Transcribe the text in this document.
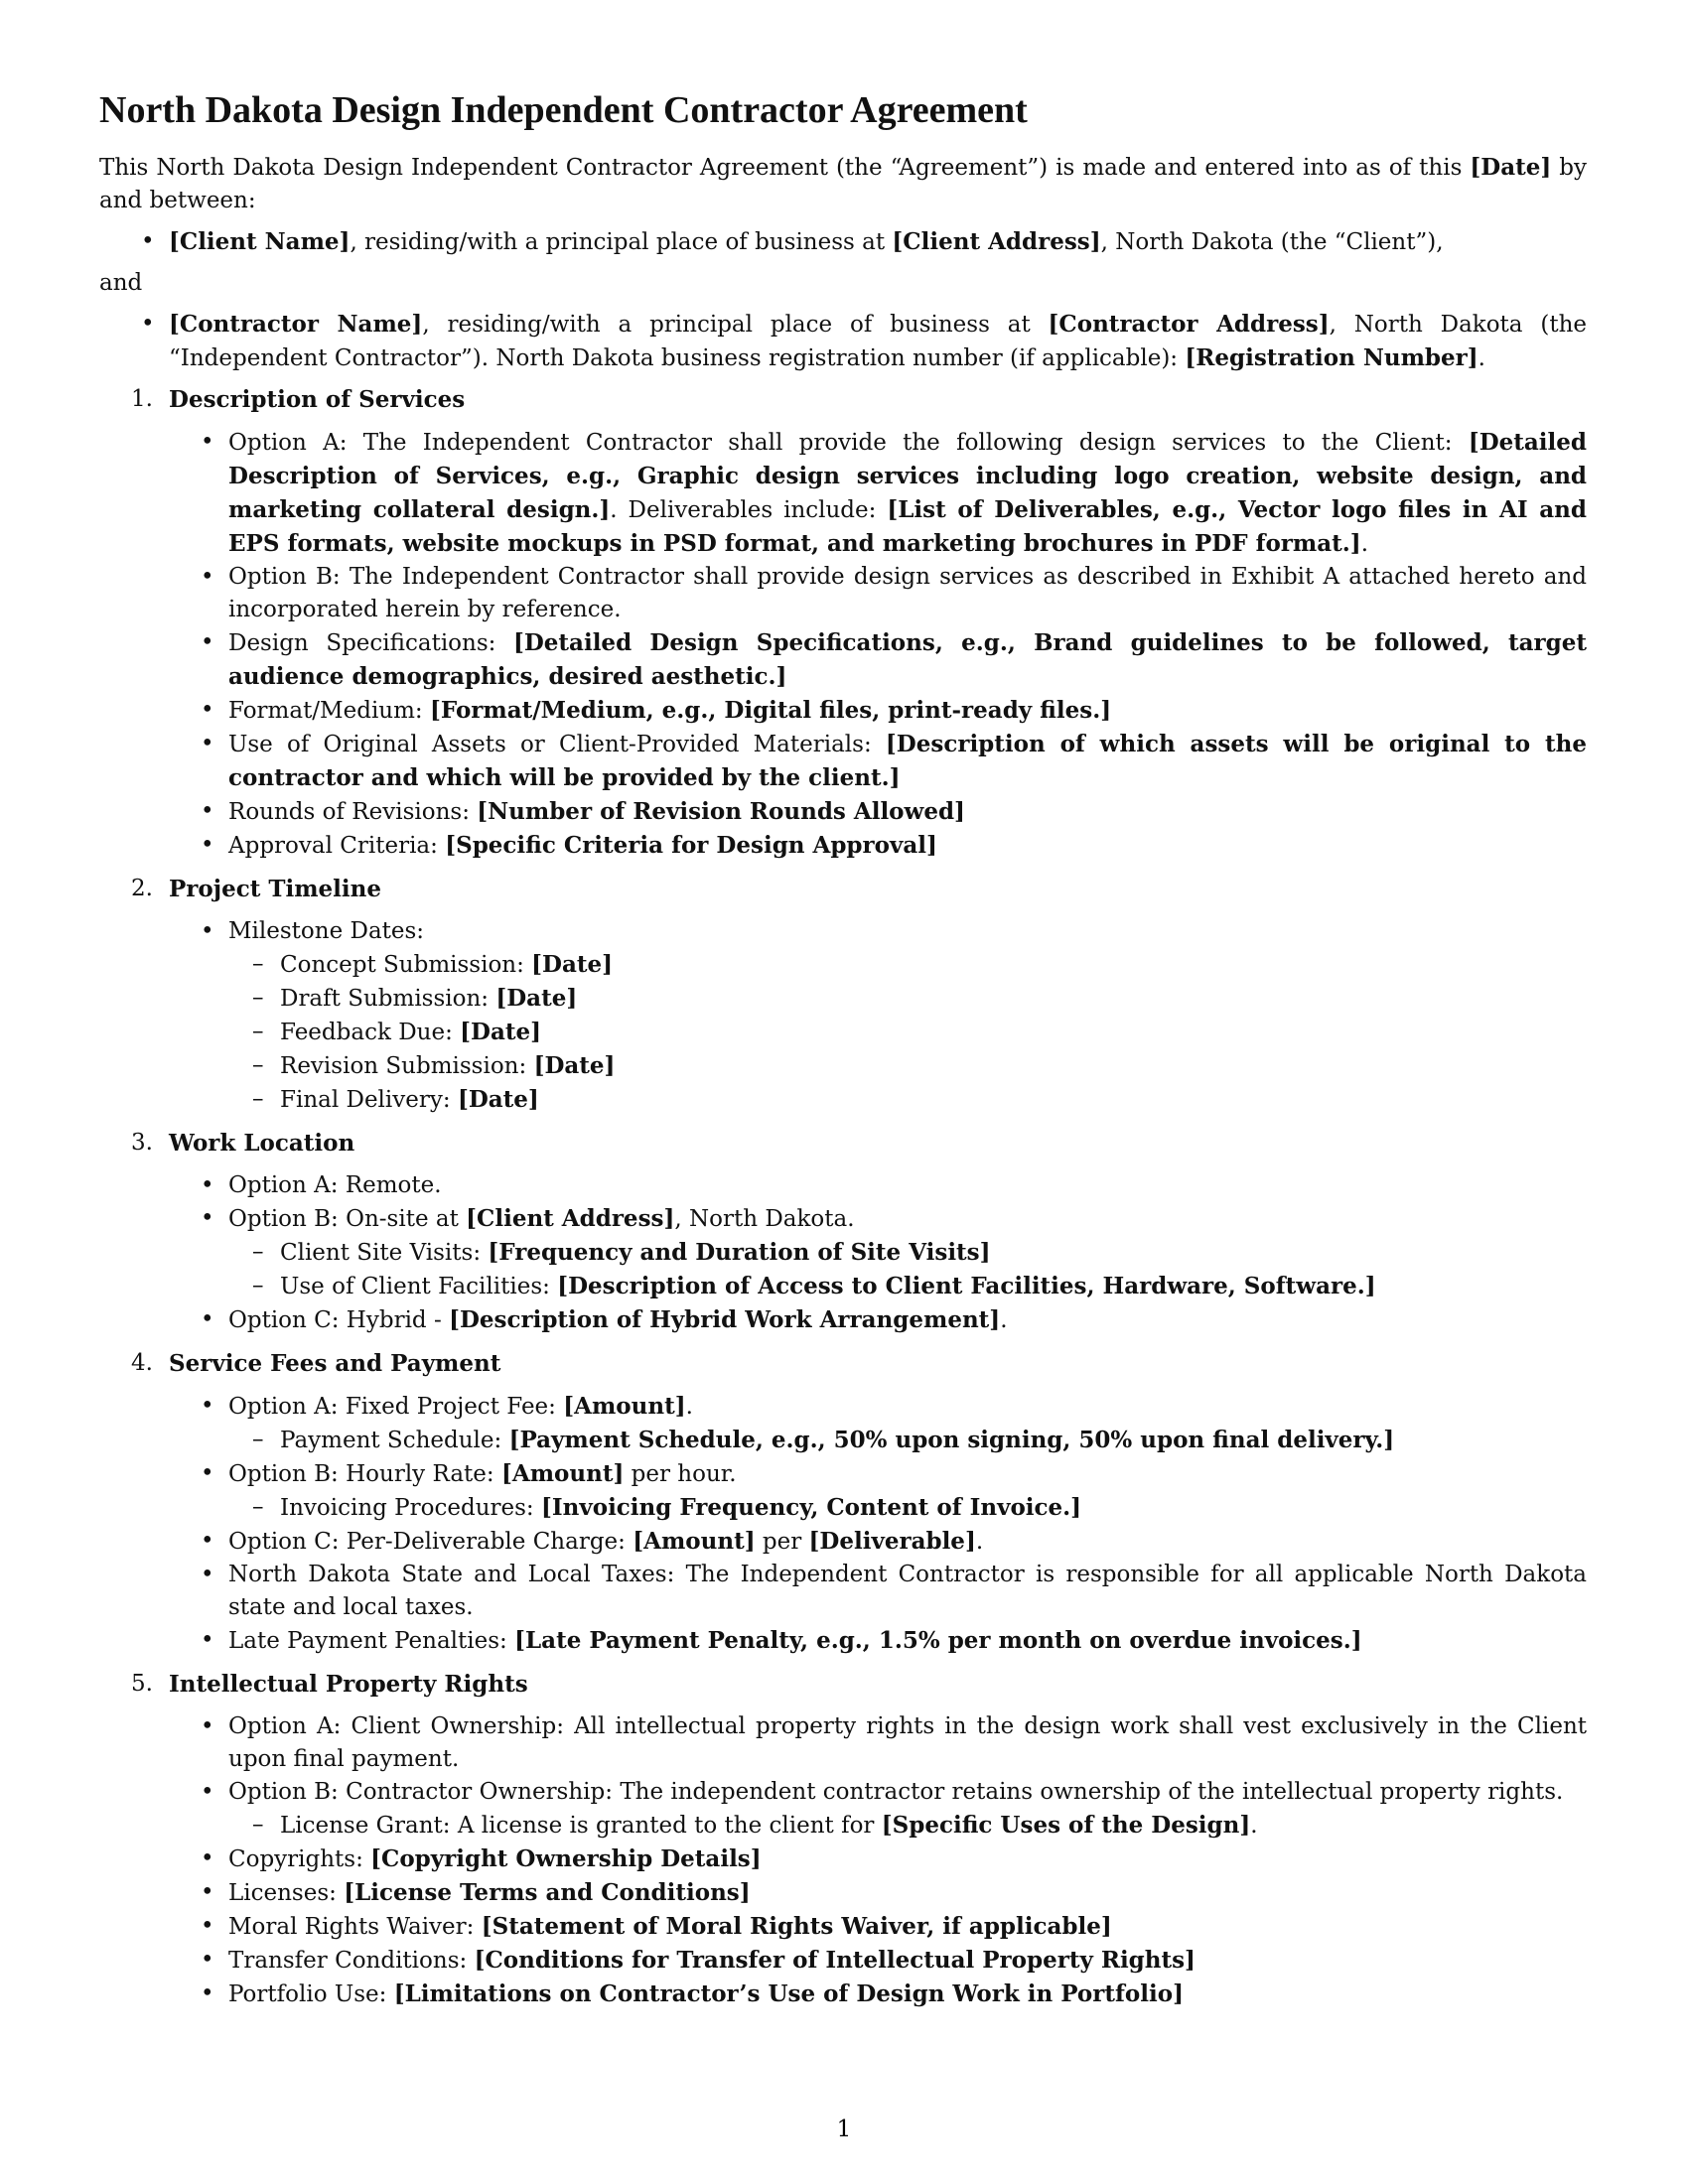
North Dakota Design Independent Contractor Agreement

This North Dakota Design Independent Contractor Agreement (the “Agreement”) is made and entered into as of this [Date] by and between:

• [Client Name], residing/with a principal place of business at [Client Address], North Dakota (the “Client”),

and

• [Contractor Name], residing/with a principal place of business at [Contractor Address], North Dakota (the “Independent Contractor”). North Dakota business registration number (if applicable): [Registration Number].
1. Description of Services
• Option A: The Independent Contractor shall provide the following design services to the Client: [Detailed Description of Services, e.g., Graphic design services including logo creation, website design, and marketing collateral design.]. Deliverables include: [List of Deliverables, e.g., Vector logo files in AI and EPS formats, website mockups in PSD format, and marketing brochures in PDF format.].
• Option B: The Independent Contractor shall provide design services as described in Exhibit A attached hereto and incorporated herein by reference.
• Design Specifications: [Detailed Design Specifications, e.g., Brand guidelines to be followed, target audience demographics, desired aesthetic.]
• Format/Medium: [Format/Medium, e.g., Digital files, print-ready files.]
• Use of Original Assets or Client-Provided Materials: [Description of which assets will be original to the contractor and which will be provided by the client.]
• Rounds of Revisions: [Number of Revision Rounds Allowed]
• Approval Criteria: [Specific Criteria for Design Approval]
2. Project Timeline
• Milestone Dates:
– Concept Submission: [Date]
– Draft Submission: [Date]
– Feedback Due: [Date]
– Revision Submission: [Date]
– Final Delivery: [Date]
3. Work Location
• Option A: Remote.
• Option B: On-site at [Client Address], North Dakota.
– Client Site Visits: [Frequency and Duration of Site Visits]
– Use of Client Facilities: [Description of Access to Client Facilities, Hardware, Software.]
• Option C: Hybrid - [Description of Hybrid Work Arrangement].
4. Service Fees and Payment
• Option A: Fixed Project Fee: [Amount].
– Payment Schedule: [Payment Schedule, e.g., 50% upon signing, 50% upon final delivery.]
• Option B: Hourly Rate: [Amount] per hour.
– Invoicing Procedures: [Invoicing Frequency, Content of Invoice.]
• Option C: Per-Deliverable Charge: [Amount] per [Deliverable].
• North Dakota State and Local Taxes: The Independent Contractor is responsible for all applicable North Dakota state and local taxes.
• Late Payment Penalties: [Late Payment Penalty, e.g., 1.5% per month on overdue invoices.]
5. Intellectual Property Rights
• Option A: Client Ownership: All intellectual property rights in the design work shall vest exclusively in the Client upon final payment.
• Option B: Contractor Ownership: The independent contractor retains ownership of the intellectual property rights.
– License Grant: A license is granted to the client for [Specific Uses of the Design].
• Copyrights: [Copyright Ownership Details]
• Licenses: [License Terms and Conditions]
• Moral Rights Waiver: [Statement of Moral Rights Waiver, if applicable]
• Transfer Conditions: [Conditions for Transfer of Intellectual Property Rights]
• Portfolio Use: [Limitations on Contractor’s Use of Design Work in Portfolio]
1
